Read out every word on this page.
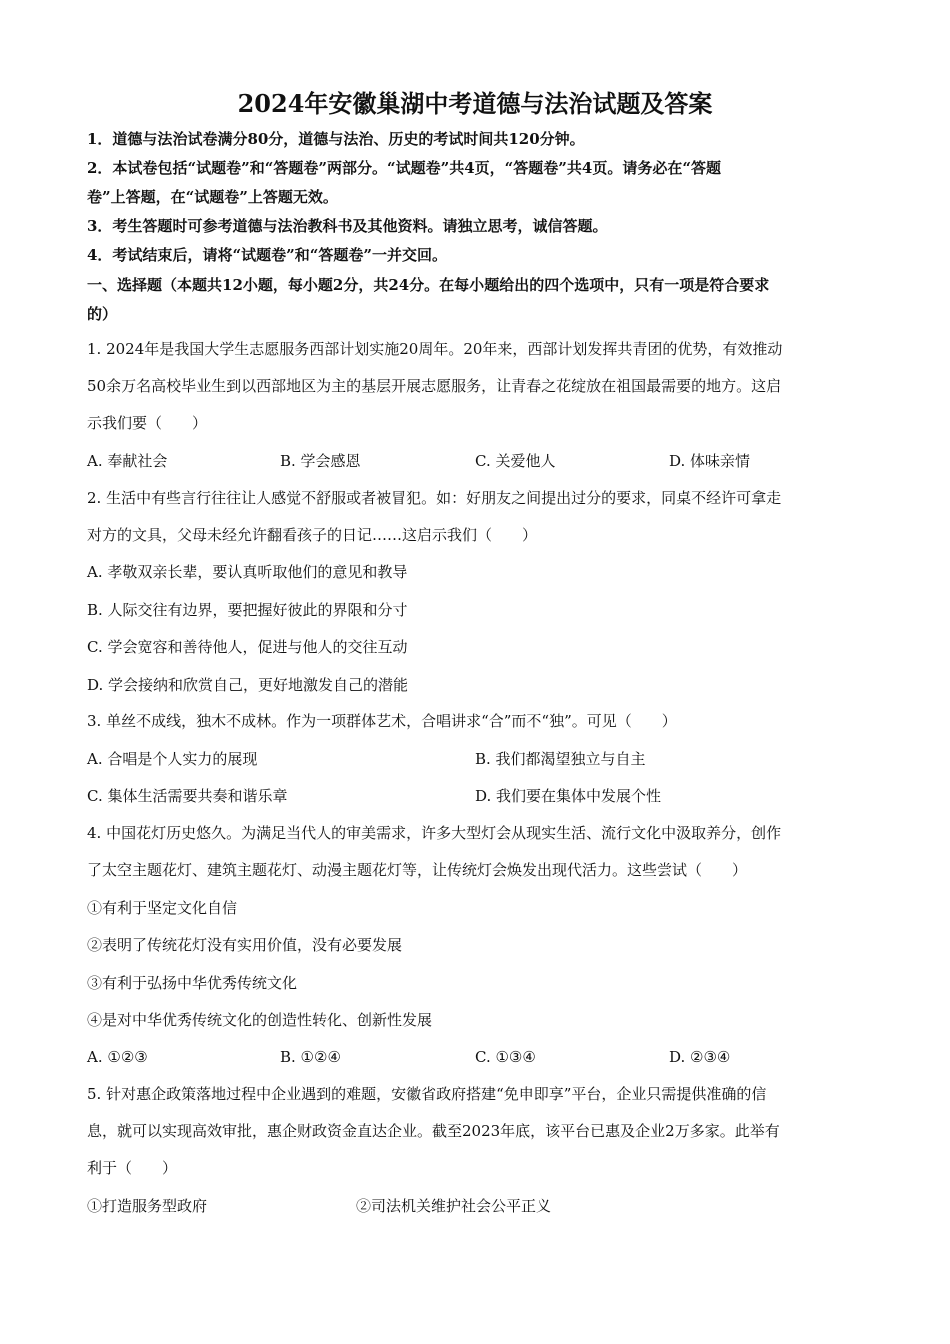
2024年安徽巢湖中考道德与法治试题及答案
1．道德与法治试卷满分80分，道德与法治、历史的考试时间共120分钟。
2．本试卷包括“试题卷”和“答题卷”两部分。“试题卷”共4页，“答题卷”共4页。请务必在“答题
卷”上答题，在“试题卷”上答题无效。
3．考生答题时可参考道德与法治教科书及其他资料。请独立思考，诚信答题。
4．考试结束后，请将“试题卷”和“答题卷”一并交回。
一、选择题（本题共12小题，每小题2分，共24分。在每小题给出的四个选项中，只有一项是符合要求
的）
1. 2024年是我国大学生志愿服务西部计划实施20周年。20年来，西部计划发挥共青团的优势，有效推动
50余万名高校毕业生到以西部地区为主的基层开展志愿服务，让青春之花绽放在祖国最需要的地方。这启
示我们要（　　）
A. 奉献社会	B. 学会感恩	C. 关爱他人	D. 体味亲情
2. 生活中有些言行往往让人感觉不舒服或者被冒犯。如：好朋友之间提出过分的要求，同桌不经许可拿走
对方的文具，父母未经允许翻看孩子的日记……这启示我们（　　）
A. 孝敬双亲长辈，要认真听取他们的意见和教导
B. 人际交往有边界，要把握好彼此的界限和分寸
C. 学会宽容和善待他人，促进与他人的交往互动
D. 学会接纳和欣赏自己，更好地激发自己的潜能
3. 单丝不成线，独木不成林。作为一项群体艺术，合唱讲求“合”而不“独”。可见（　　）
A. 合唱是个人实力的展现	B. 我们都渴望独立与自主
C. 集体生活需要共奏和谐乐章	D. 我们要在集体中发展个性
4. 中国花灯历史悠久。为满足当代人的审美需求，许多大型灯会从现实生活、流行文化中汲取养分，创作
了太空主题花灯、建筑主题花灯、动漫主题花灯等，让传统灯会焕发出现代活力。这些尝试（　　）
①有利于坚定文化自信
②表明了传统花灯没有实用价值，没有必要发展
③有利于弘扬中华优秀传统文化
④是对中华优秀传统文化的创造性转化、创新性发展
A. ①②③	B. ①②④	C. ①③④	D. ②③④
5. 针对惠企政策落地过程中企业遇到的难题，安徽省政府搭建“免申即享”平台，企业只需提供准确的信
息，就可以实现高效审批，惠企财政资金直达企业。截至2023年底，该平台已惠及企业2万多家。此举有
利于（　　）
①打造服务型政府	②司法机关维护社会公平正义
